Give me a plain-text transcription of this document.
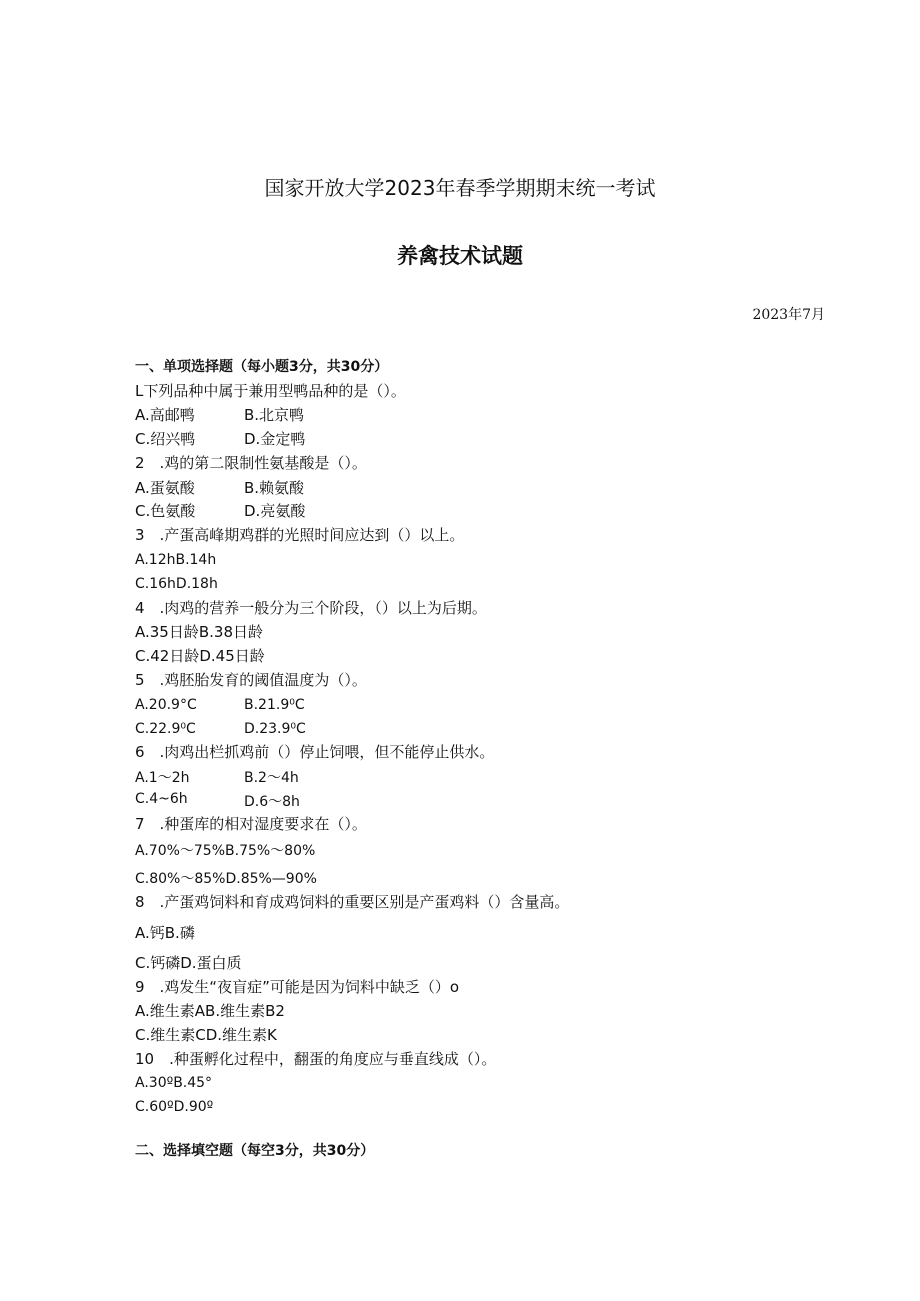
国家开放大学2023年春季学期期末统一考试
养禽技术试题
2023年7月
一、单项选择题（每小题3分，共30分）
L下列品种中属于兼用型鸭品种的是（）。
A.高邮鸭	B.北京鸭
C.绍兴鸭	D.金定鸭
2　.鸡的第二限制性氨基酸是（）。
A.蛋氨酸	B.赖氨酸
C.色氨酸	D.亮氨酸
3　.产蛋高峰期鸡群的光照时间应达到（）以上。
A.12hB.14h
C.16hD.18h
4　.肉鸡的营养一般分为三个阶段，（）以上为后期。
A.35日龄B.38日龄
C.42日龄D.45日龄
5　.鸡胚胎发育的阈值温度为（）。
A.20.9°C	B.21.9⁰C
C.22.9⁰C	D.23.9⁰C
6　.肉鸡出栏抓鸡前（）停止饲喂，但不能停止供水。
A.1〜2h	B.2〜4h
C.4~6h	D.6〜8h
7　.种蛋库的相对湿度要求在（）。
A.70%〜75%B.75%〜80%
C.80%〜85%D.85%—90%
8　.产蛋鸡饲料和育成鸡饲料的重要区别是产蛋鸡料（）含量高。
A.钙B.磷
C.钙磷D.蛋白质
9　.鸡发生“夜盲症”可能是因为饲料中缺乏（）o
A.维生素AB.维生素B2
C.维生素CD.维生素K
10　.种蛋孵化过程中，翻蛋的角度应与垂直线成（）。
A.30ºB.45°
C.60ºD.90º
二、选择填空题（每空3分，共30分）
